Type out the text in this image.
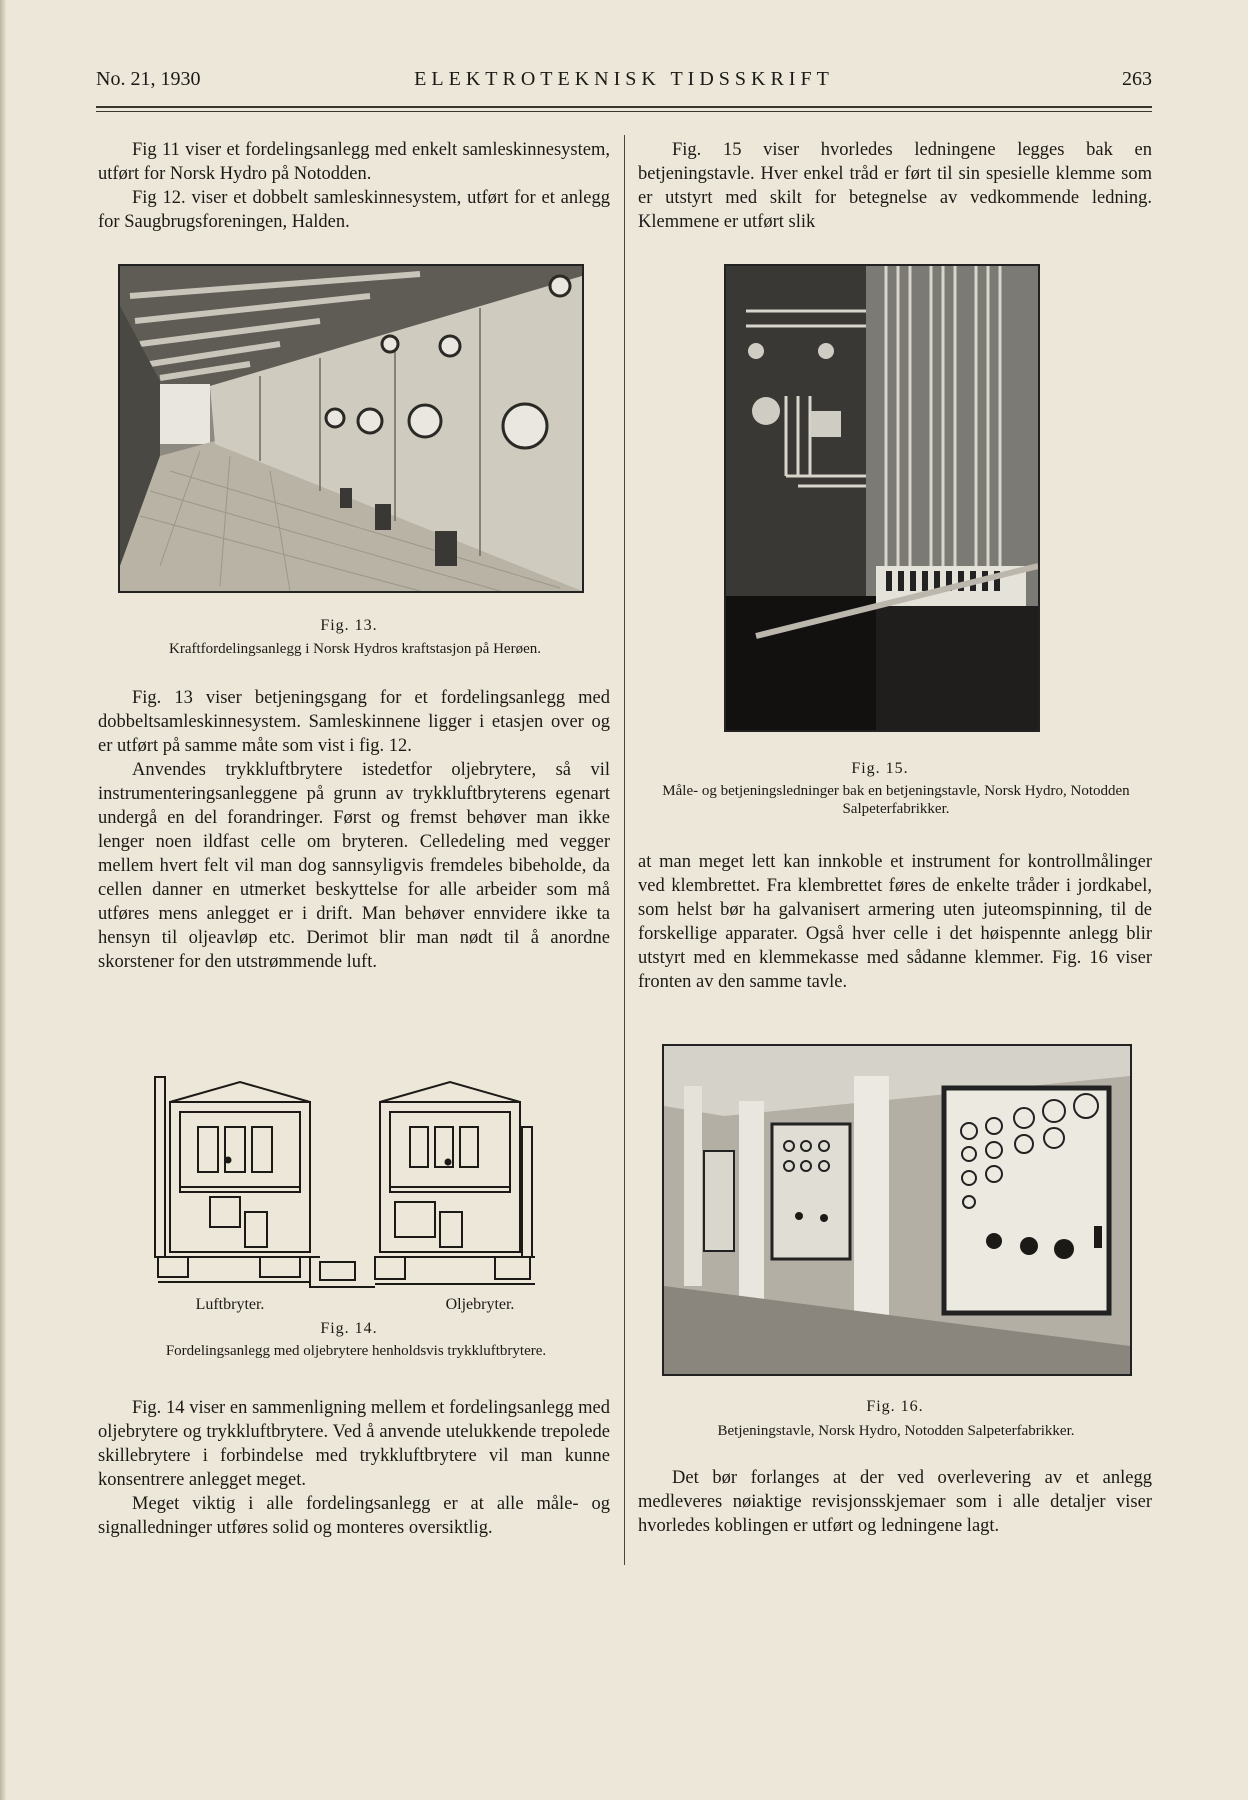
No. 21, 1930	ELEKTROTEKNISK TIDSSKRIFT	263

Fig 11 viser et fordelingsanlegg med enkelt samleskinnesystem, utført for Norsk Hydro på Notodden.

Fig 12. viser et dobbelt samleskinnesystem, utført for et anlegg for Saugbrugsforeningen, Halden.

Fig. 13.
Kraftfordelingsanlegg i Norsk Hydros kraftstasjon på Herøen.

Fig. 13 viser betjeningsgang for et fordelingsanlegg med dobbeltsamleskinnesystem. Samleskinnene ligger i etasjen over og er utført på samme måte som vist i fig. 12.

Anvendes trykkluftbrytere istedetfor oljebrytere, så vil instrumenteringsanleggene på grunn av trykkluftbryterens egenart undergå en del forandringer. Først og fremst behøver man ikke lenger noen ildfast celle om bryteren. Celledeling med vegger mellem hvert felt vil man dog sannsyligvis fremdeles bibeholde, da cellen danner en utmerket beskyttelse for alle arbeider som må utføres mens anlegget er i drift. Man behøver ennvidere ikke ta hensyn til oljeavløp etc. Derimot blir man nødt til å anordne skorstener for den utstrømmende luft.

Luftbryter.	Oljebryter.
Fig. 14.
Fordelingsanlegg med oljebrytere henholdsvis trykkluftbrytere.

Fig. 14 viser en sammenligning mellem et fordelingsanlegg med oljebrytere og trykkluftbrytere. Ved å anvende utelukkende trepolede skillebrytere i forbindelse med trykkluftbrytere vil man kunne konsentrere anlegget meget.

Meget viktig i alle fordelingsanlegg er at alle måle- og signalledninger utføres solid og monteres oversiktlig.

Fig. 15 viser hvorledes ledningene legges bak en betjeningstavle. Hver enkel tråd er ført til sin spesielle klemme som er utstyrt med skilt for betegnelse av vedkommende ledning. Klemmene er utført slik

Fig. 15.
Måle- og betjeningsledninger bak en betjeningstavle, Norsk Hydro, Notodden Salpeterfabrikker.

at man meget lett kan innkoble et instrument for kontrollmålinger ved klembrettet. Fra klembrettet føres de enkelte tråder i jordkabel, som helst bør ha galvanisert armering uten juteomspinning, til de forskellige apparater. Også hver celle i det høispennte anlegg blir utstyrt med en klemmekasse med sådanne klemmer. Fig. 16 viser fronten av den samme tavle.

Fig. 16.
Betjeningstavle, Norsk Hydro, Notodden Salpeterfabrikker.

Det bør forlanges at der ved overlevering av et anlegg medleveres nøiaktige revisjonsskjemaer som i alle detaljer viser hvorledes koblingen er utført og ledningene lagt.
